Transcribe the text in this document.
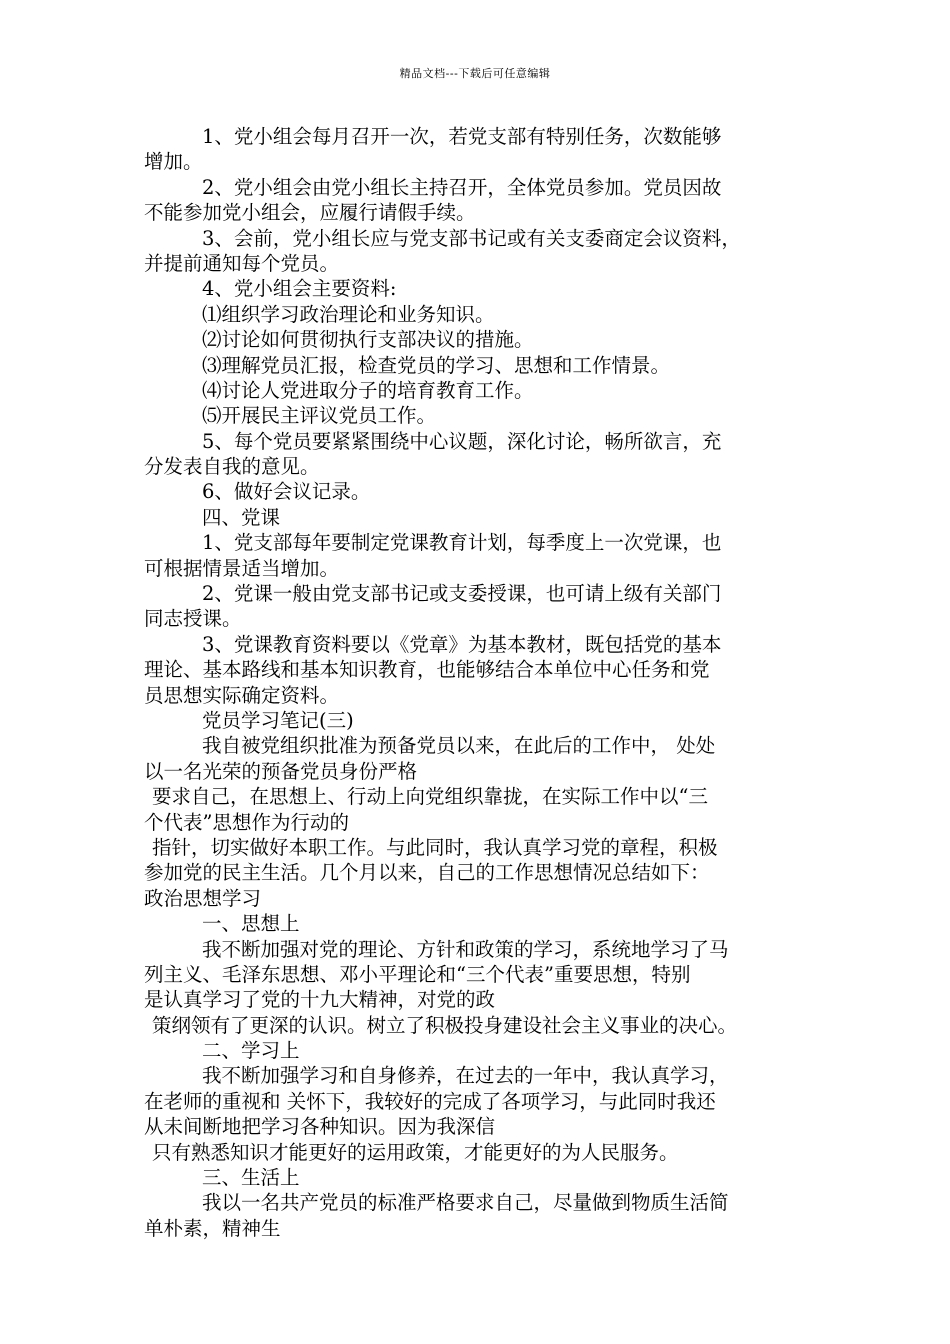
精品文档---下载后可任意编辑
1、党小组会每月召开一次，若党支部有特别任务，次数能够
增加。
2、党小组会由党小组长主持召开，全体党员参加。党员因故
不能参加党小组会，应履行请假手续。
3、会前，党小组长应与党支部书记或有关支委商定会议资料，
并提前通知每个党员。
4、党小组会主要资料:
⑴组织学习政治理论和业务知识。
⑵讨论如何贯彻执行支部决议的措施。
⑶理解党员汇报，检查党员的学习、思想和工作情景。
⑷讨论人党进取分子的培育教育工作。
⑸开展民主评议党员工作。
5、每个党员要紧紧围绕中心议题，深化讨论，畅所欲言，充
分发表自我的意见。
6、做好会议记录。
四、党课
1、党支部每年要制定党课教育计划，每季度上一次党课，也
可根据情景适当增加。
2、党课一般由党支部书记或支委授课，也可请上级有关部门
同志授课。
3、党课教育资料要以《党章》为基本教材，既包括党的基本
理论、基本路线和基本知识教育，也能够结合本单位中心任务和党
员思想实际确定资料。
党员学习笔记(三)
我自被党组织批准为预备党员以来，在此后的工作中， 处处
以一名光荣的预备党员身份严格
要求自己，在思想上、行动上向党组织靠拢，在实际工作中以“三
个代表”思想作为行动的
指针，切实做好本职工作。与此同时，我认真学习党的章程，积极
参加党的民主生活。几个月以来，自己的工作思想情况总结如下：
政治思想学习
一、思想上
我不断加强对党的理论、方针和政策的学习，系统地学习了马
列主义、毛泽东思想、邓小平理论和“三个代表”重要思想，特别
是认真学习了党的十九大精神，对党的政
策纲领有了更深的认识。树立了积极投身建设社会主义事业的决心。
二、学习上
我不断加强学习和自身修养，在过去的一年中，我认真学习，
在老师的重视和 关怀下，我较好的完成了各项学习，与此同时我还
从未间断地把学习各种知识。因为我深信
只有熟悉知识才能更好的运用政策，才能更好的为人民服务。
三、生活上
我以一名共产党员的标准严格要求自己，尽量做到物质生活简
单朴素，精神生
